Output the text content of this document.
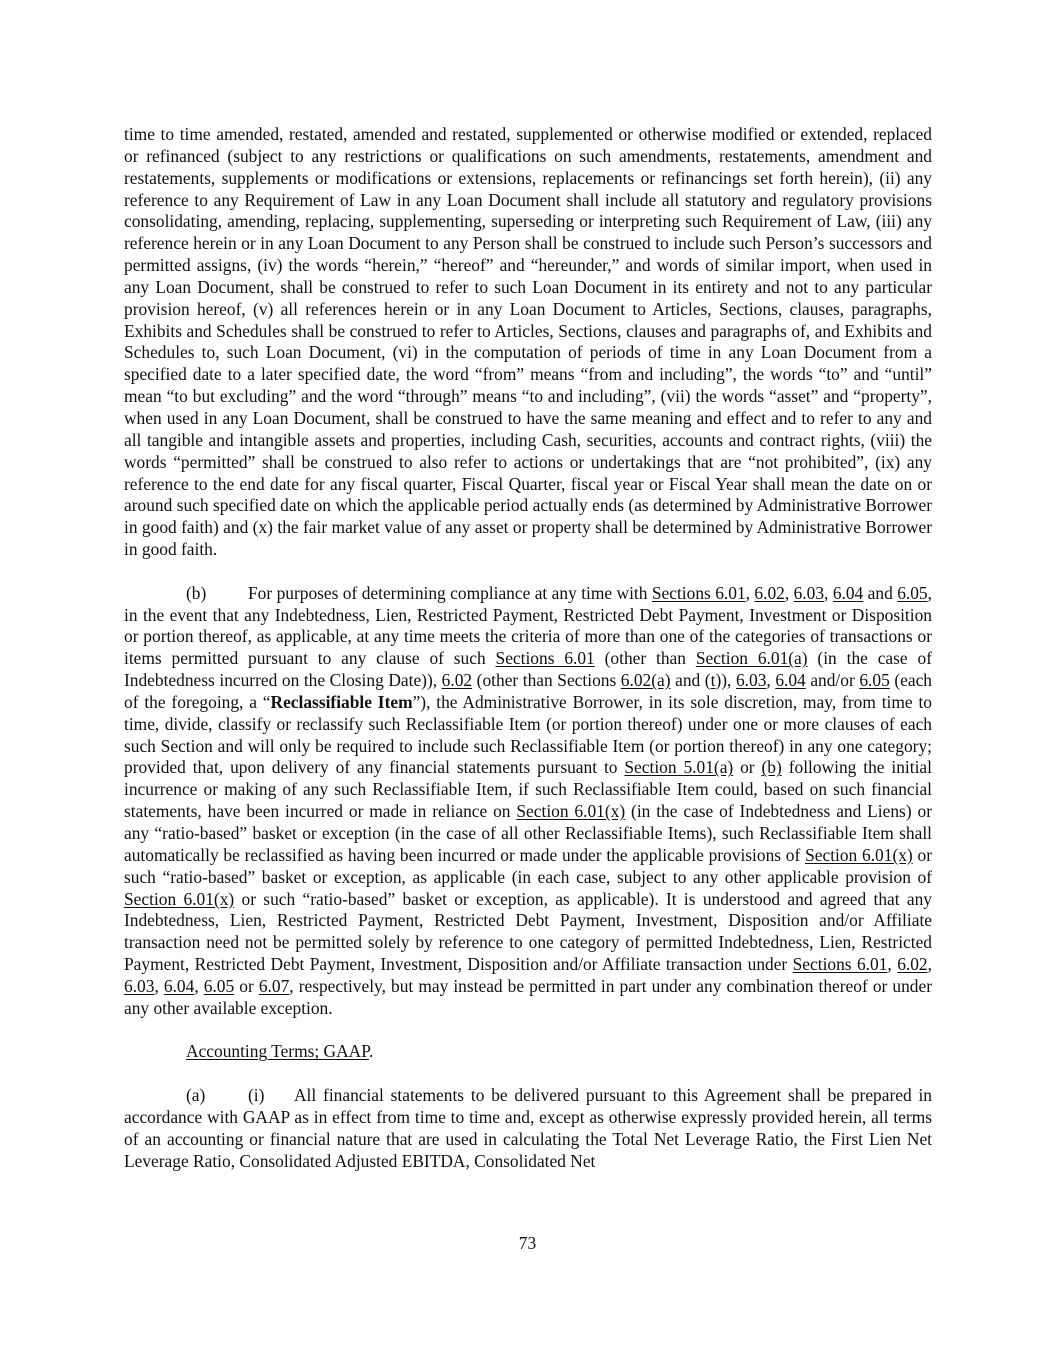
time to time amended, restated, amended and restated, supplemented or otherwise modified or extended, replaced or refinanced (subject to any restrictions or qualifications on such amendments, restatements, amendment and restatements, supplements or modifications or extensions, replacements or refinancings set forth herein), (ii) any reference to any Requirement of Law in any Loan Document shall include all statutory and regulatory provisions consolidating, amending, replacing, supplementing, superseding or interpreting such Requirement of Law, (iii) any reference herein or in any Loan Document to any Person shall be construed to include such Person’s successors and permitted assigns, (iv) the words “herein,” “hereof” and “hereunder,” and words of similar import, when used in any Loan Document, shall be construed to refer to such Loan Document in its entirety and not to any particular provision hereof, (v) all references herein or in any Loan Document to Articles, Sections, clauses, paragraphs, Exhibits and Schedules shall be construed to refer to Articles, Sections, clauses and paragraphs of, and Exhibits and Schedules to, such Loan Document, (vi) in the computation of periods of time in any Loan Document from a specified date to a later specified date, the word “from” means “from and including”, the words “to” and “until” mean “to but excluding” and the word “through” means “to and including”, (vii) the words “asset” and “property”, when used in any Loan Document, shall be construed to have the same meaning and effect and to refer to any and all tangible and intangible assets and properties, including Cash, securities, accounts and contract rights, (viii) the words “permitted” shall be construed to also refer to actions or undertakings that are “not prohibited”, (ix) any reference to the end date for any fiscal quarter, Fiscal Quarter, fiscal year or Fiscal Year shall mean the date on or around such specified date on which the applicable period actually ends (as determined by Administrative Borrower in good faith) and (x) the fair market value of any asset or property shall be determined by Administrative Borrower in good faith.

(b) For purposes of determining compliance at any time with Sections 6.01, 6.02, 6.03, 6.04 and 6.05, in the event that any Indebtedness, Lien, Restricted Payment, Restricted Debt Payment, Investment or Disposition or portion thereof, as applicable, at any time meets the criteria of more than one of the categories of transactions or items permitted pursuant to any clause of such Sections 6.01 (other than Section 6.01(a) (in the case of Indebtedness incurred on the Closing Date)), 6.02 (other than Sections 6.02(a) and (t)), 6.03, 6.04 and/or 6.05 (each of the foregoing, a “Reclassifiable Item”), the Administrative Borrower, in its sole discretion, may, from time to time, divide, classify or reclassify such Reclassifiable Item (or portion thereof) under one or more clauses of each such Section and will only be required to include such Reclassifiable Item (or portion thereof) in any one category; provided that, upon delivery of any financial statements pursuant to Section 5.01(a) or (b) following the initial incurrence or making of any such Reclassifiable Item, if such Reclassifiable Item could, based on such financial statements, have been incurred or made in reliance on Section 6.01(x) (in the case of Indebtedness and Liens) or any “ratio-based” basket or exception (in the case of all other Reclassifiable Items), such Reclassifiable Item shall automatically be reclassified as having been incurred or made under the applicable provisions of Section 6.01(x) or such “ratio-based” basket or exception, as applicable (in each case, subject to any other applicable provision of Section 6.01(x) or such “ratio-based” basket or exception, as applicable). It is understood and agreed that any Indebtedness, Lien, Restricted Payment, Restricted Debt Payment, Investment, Disposition and/or Affiliate transaction need not be permitted solely by reference to one category of permitted Indebtedness, Lien, Restricted Payment, Restricted Debt Payment, Investment, Disposition and/or Affiliate transaction under Sections 6.01, 6.02, 6.03, 6.04, 6.05 or 6.07, respectively, but may instead be permitted in part under any combination thereof or under any other available exception.

Accounting Terms; GAAP.

(a) (i) All financial statements to be delivered pursuant to this Agreement shall be prepared in accordance with GAAP as in effect from time to time and, except as otherwise expressly provided herein, all terms of an accounting or financial nature that are used in calculating the Total Net Leverage Ratio, the First Lien Net Leverage Ratio, Consolidated Adjusted EBITDA, Consolidated Net

73
